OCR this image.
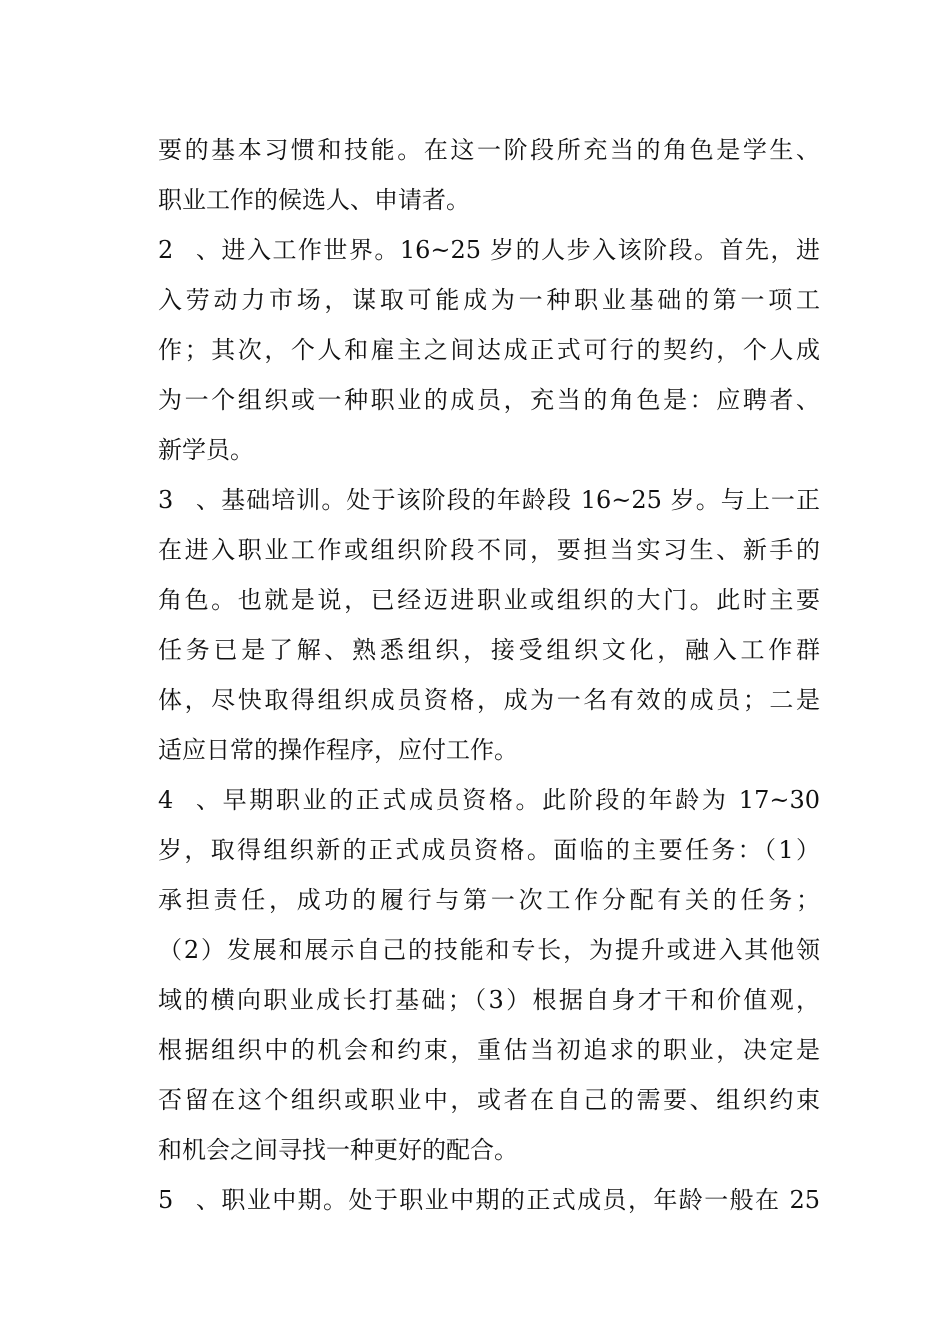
要的基本习惯和技能。在这一阶段所充当的角色是学生、
职业工作的候选人、申请者。
2、进入工作世界。16~25 岁的人步入该阶段。首先，进
入劳动力市场，谋取可能成为一种职业基础的第一项工
作；其次，个人和雇主之间达成正式可行的契约，个人成
为一个组织或一种职业的成员，充当的角色是：应聘者、
新学员。
3、基础培训。处于该阶段的年龄段 16~25 岁。与上一正
在进入职业工作或组织阶段不同，要担当实习生、新手的
角色。也就是说，已经迈进职业或组织的大门。此时主要
任务已是了解、熟悉组织，接受组织文化，融入工作群
体，尽快取得组织成员资格，成为一名有效的成员；二是
适应日常的操作程序，应付工作。
4、早期职业的正式成员资格。此阶段的年龄为 17~30
岁，取得组织新的正式成员资格。面临的主要任务：（1）
承担责任，成功的履行与第一次工作分配有关的任务；
（2）发展和展示自己的技能和专长，为提升或进入其他领
域的横向职业成长打基础；（3）根据自身才干和价值观，
根据组织中的机会和约束，重估当初追求的职业，决定是
否留在这个组织或职业中，或者在自己的需要、组织约束
和机会之间寻找一种更好的配合。
5、职业中期。处于职业中期的正式成员，年龄一般在 25
